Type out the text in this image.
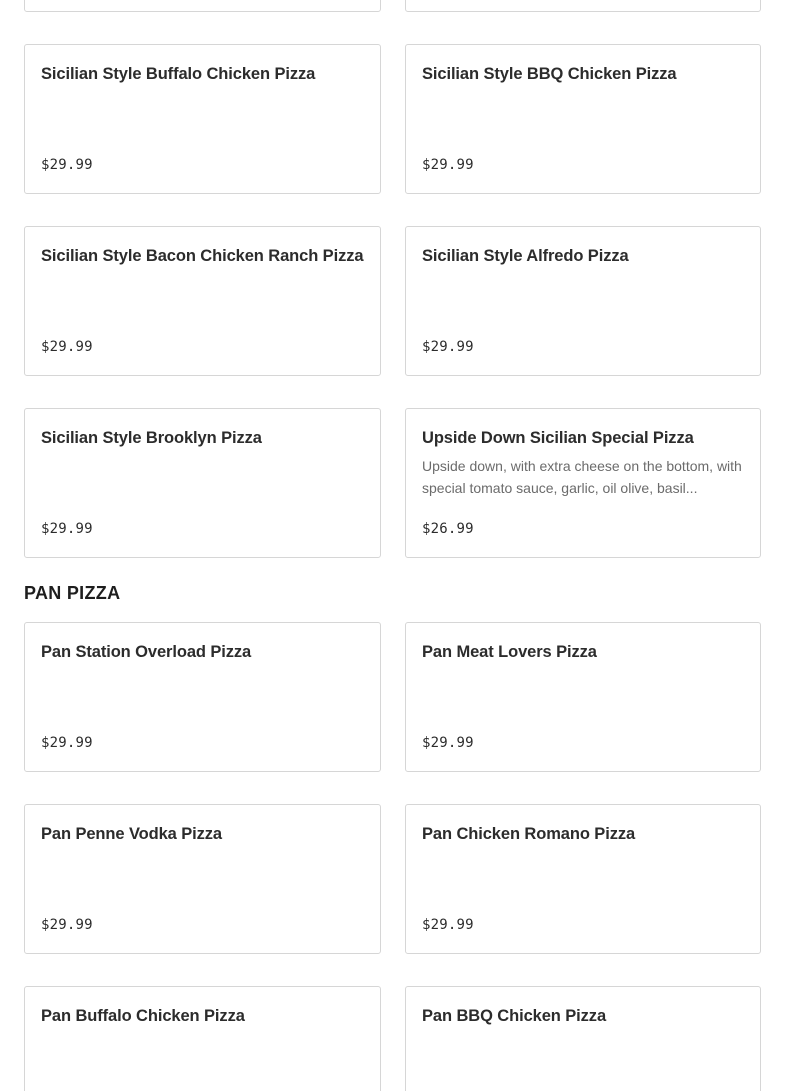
Sicilian Style Buffalo Chicken Pizza
$29.99
Sicilian Style BBQ Chicken Pizza
$29.99
Sicilian Style Bacon Chicken Ranch Pizza
$29.99
Sicilian Style Alfredo Pizza
$29.99
Sicilian Style Brooklyn Pizza
$29.99
Upside Down Sicilian Special Pizza
Upside down, with extra cheese on the bottom, with special tomato sauce, garlic, oil olive, basil...
$26.99
PAN PIZZA
Pan Station Overload Pizza
$29.99
Pan Meat Lovers Pizza
$29.99
Pan Penne Vodka Pizza
$29.99
Pan Chicken Romano Pizza
$29.99
Pan Buffalo Chicken Pizza	Pan BBQ Chicken Pizza
